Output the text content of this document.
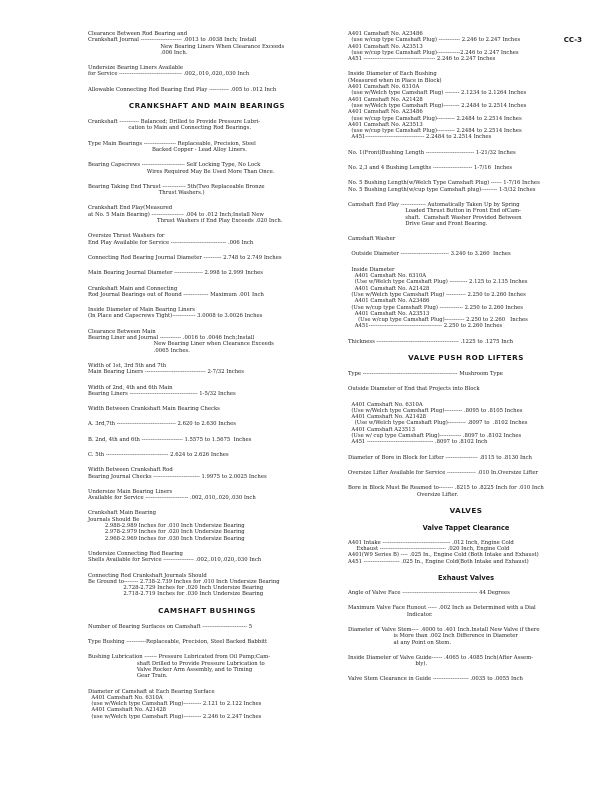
CC-3
Clearance Between Rod Bearing and
Crankshaft Journal ----------------------- .0013 to .0038 Inch; Install
New Bearing Liners When Clearance Exceeds
.006 Inch.
Undersize Bearing Liners Available
for Service ----------------------------------- .002,.010,.020,.030 Inch
Allowable Connecting Rod Bearing End Play ----------- .005 to .012 Inch
CRANKSHAFT AND MAIN BEARINGS
Crankshaft ----------- Balanced; Drilled to Provide Pressure Lubri-
cation to Main and Connecting Rod Bearings.
Type Main Bearings ------------------ Replaceable, Precision, Steel
Backed Copper - Lead Alloy Liners.
Bearing Capscrews ------------------------ Self Locking Type, No Lock
Wires Required May Be Used More Than Once.
Bearing Taking End Thrust ------------- 5th(Two Replaceable Bronze
Thrust Washers.)
Crankshaft End Play(Measured
at No. 5 Main Bearing) ------------------ .004 to .012 Inch;Install New
Thrust Washers if End Play Exceeds .020 Inch.
Oversize Thrust Washers for
End Play Available for Service ------------------------------- .006 Inch
Connecting Rod Bearing Journal Diameter ---------- 2.748 to 2.749 Inches
Main Bearing Journal Diameter ---------------- 2.998 to 2.999 Inches
Crankshaft Main and Connecting
Rod Journal Bearings out of Round -------------- Maximum .001 Inch
Inside Diameter of Main Bearing Liners
(In Place and Capscrews Tight)------------- 3.0008 to 3.0026 Inches
Clearance Between Main
Bearing Liner and Journal ------------ .0016 to .0046 Inch;Install
New Bearing Liner when Clearance Exceeds
.0065 Inches.
Width of 1st, 3rd 5th and 7th
Main Bearing Liners ---------------------------------- 2-7/32 Inches
Width of 2nd, 4th and 6th Main
Bearing Liners -------------------------------------- 1-5/32 Inches
Width Between Crankshaft Main Bearing Checks
A. 3rd,7th --------------------------------- 2.620 to 2.630 Inches
B. 2nd, 4th and 6th ----------------------- 1.5575 to 1.5675  Inches
C. 5th ----------------------------------- 2.624 to 2.626 Inches
Width Between Crankshaft Rod
Bearing Journal Checks -------------------------- 1.9975 to 2.0025 Inches
Undersize Main Bearing Liners
Available for Service ------------------------ .002,.010,.020,.030 Inch
Crankshaft Main Bearing
Journals Should Be
2.988-2.989 Inches for .010 Inch Undersize Bearing
2.978-2.979 Inches for .020 Inch Undersize Bearing
2.968-2.969 Inches for .030 Inch Undersize Bearing
Undersize Connecting Rod Bearing
Shells Available for Service ----------------- .002,.010,.020,.030 Inch
Connecting Rod Crankshaft Journals Should
Be Ground to-------- 2.738-2.739 Inches for .010 Inch Undersize Bearing
2.728-2.729 Inches for .020 Inch Undersize Bearing
2.718-2.719 Inches for .030 Inch Undersize Bearing
CAMSHAFT BUSHINGS
Number of Bearing Surfaces on Camshaft ------------------------- 5
Type Bushing -----------Replaceable, Precision, Steel Backed Babbitt
Bushing Lubrication ------- Pressure Lubricated from Oil Pump;Cam-
shaft Drilled to Provide Pressure Lubrication to
Valve Rocker Arm Assembly, and to Timing
Gear Train.
Diameter of Camshaft at Each Bearing Surface
A401 Camshaft No. 6310A
(use w/Welch type Camshaft Plug)---------- 2.121 to 2.122 Inches
A401 Camshaft No. A21428
(use w/Welch type Camshaft Plug)---------- 2.246 to 2.247 Inches
A401 Camshaft No. A23486
(use w/cup type Camshaft Plug) ------------ 2.246 to 2.247 Inches
A401 Camshaft No. A23513
(use w/cup type Camshaft Plug)-------------2.246 to 2.247 Inches
A451 ---------------------------------------- 2.246 to 2.247 Inches
Inside Diameter of Each Bushing
(Measured when in Place in Block)
A401 Camshaft No. 6310A
(use w/Welch type Camshaft Plug) -------- 2.1234 to 2.1264 Inches
A401 Camshaft No. A21428
(use w/Welch type Camshaft Plug)--------- 2.2484 to 2.2514 Inches
A401 Camshaft No. A23486
(use w/cup type Camshaft Plug)---------- 2.2484 to 2.2514 Inches
A401 Camshaft No. A23513
(use w/cup type Camshaft Plug)---------- 2.2484 to 2.2514 Inches
A451--------------------------------- 2.2484 to 2.2514 Inches
No. 1(Front)Bushing Length --------------------------- 1-21/32 Inches
No. 2,3 and 4 Bushing Lengths ---------------------- 1-7/16  Inches
No. 5 Bushing Length(w/Welch Type Camshaft Plug) ------ 1-7/16 Inches
No. 5 Bushing Length(w/cup type Camshaft plug)--------- 1-5/32 Inches
Camshaft End Play -------------- Automatically Taken Up by Spring
Loaded Thrust Button in Front End ofCam-
shaft.  Camshaft Washer Provided Between
Drive Gear and Front Bearing.
Camshaft Washer
Outside Diameter --------------------------- 3.240 to 3.260  Inches
Inside Diameter
A401 Camshaft No. 6310A
(Use w/Welch type Camshaft Plug) ---------- 2.125 to 2.135 Inches
A401 Camshaft No. A21428
(Use w/Welch type Camshaft Plug) ----------- 2.250 to 2.260 Inches
A401 Camshaft No. A23486
(Use w/cup type Camshaft Plug) ------------- 2.250 to 2.260 Inches
A401 Camshaft No. A23513
(Use w/cup type Camshaft Plug)----------- 2.250 to 2.260   Inches
A451----------------------------------------- 2.250 to 2.260 Inches
Thickness ---------------------------------------------- .1225 to .1275 Inch
VALVE PUSH ROD LIFTERS
Type ----------------------------------------------------- Mushroom Type
Outside Diameter of End that Projects into Block
A401 Camshaft No. 6310A
(Use w/Welch type Camshaft Plug)---------- .8095 to .8105 Inches
A401 Camshaft No. A21428
(Use w/Welch type Camshaft Plug)---------- .8097 to  .8102 Inches
A401 Camshaft A23513
(Use w/ cup type Camshaft Plug)------------ .8097 to .8102 Inches
A451 ------------------------------------- .8097 to .8102 Inch
Diameter of Bore in Block for Lifter ------------------ .8115 to .8130 Inch
Oversize Lifter Available for Service ---------------- .010 In.Oversize Lifter
Bore in Block Must Be Reamed to-------- .8215 to .8225 Inch for .010 Inch
Oversize Lifter.
VALVES
Valve Tappet Clearance
A401 Intake -------------------------------------- .012 Inch, Engine Cold
Exhaust ------------------------------------- .020 Inch, Engine Cold
A401(W9 Series B) ---- .025 In., Engine Cold (Both Intake and Exhaust)
A451 -------------------- .025 In., Engine Cold(Both Intake and Exhaust)
Exhaust Valves
Angle of Valve Face ------------------------------------------ 44 Degrees
Maximum Valve Face Runout ----- .002 Inch as Determined with a Dial
Indicator.
Diameter of Valve Stem---- .4000 to .401 Inch.Install New Valve if there
is More than .002 Inch Difference in Diameter
at any Point on Stem.
Inside Diameter of Valve Guide------ .4065 to .4085 Inch(After Assem-
bly).
Valve Stem Clearance in Guide -------------------- .0035 to .0055 Inch
